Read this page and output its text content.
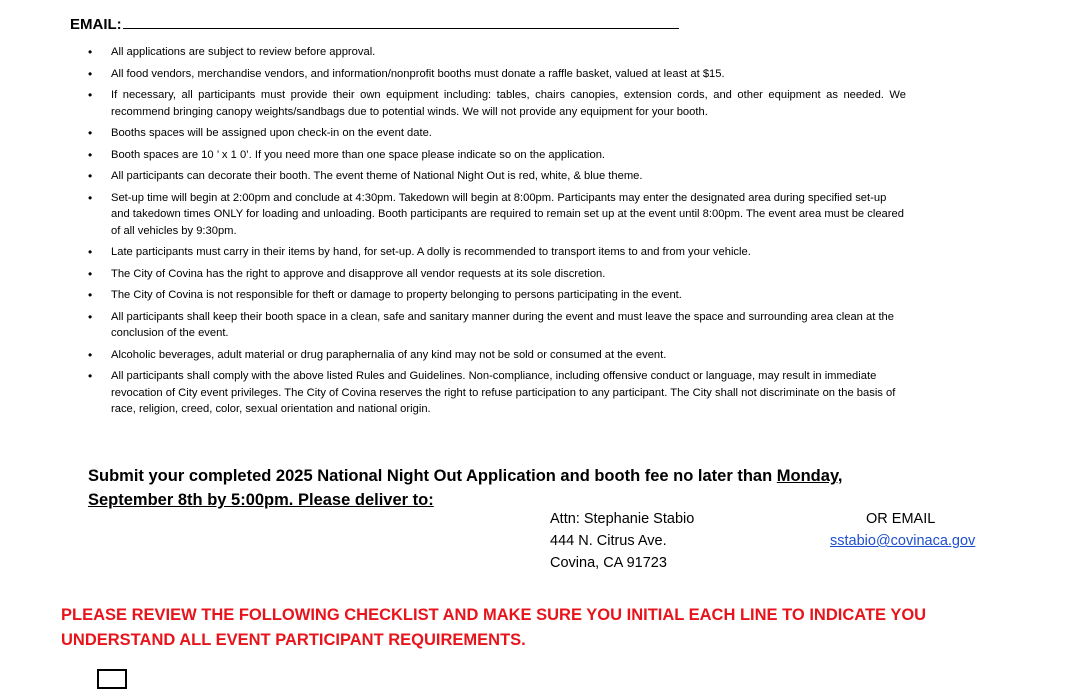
EMAIL:
• All applications are subject to review before approval.
• All food vendors, merchandise vendors, and information/nonprofit booths must donate a raffle basket, valued at least at $15.
• If necessary, all participants must provide their own equipment including: tables, chairs canopies, extension cords, and other equipment as needed. We recommend bringing canopy weights/sandbags due to potential winds. We will not provide any equipment for your booth.
• Booths spaces will be assigned upon check-in on the event date.
• Booth spaces are 10 ’ x 1 0’. If you need more than one space please indicate so on the application.
• All participants can decorate their booth. The event theme of National Night Out is red, white, & blue theme.
• Set-up time will begin at 2:00pm and conclude at 4:30pm. Takedown will begin at 8:00pm. Participants may enter the designated area during specified set-up and takedown times ONLY for loading and unloading. Booth participants are required to remain set up at the event until 8:00pm. The event area must be cleared of all vehicles by 9:30pm.
• Late participants must carry in their items by hand, for set-up. A dolly is recommended to transport items to and from your vehicle.
• The City of Covina has the right to approve and disapprove all vendor requests at its sole discretion.
• The City of Covina is not responsible for theft or damage to property belonging to persons participating in the event.
• All participants shall keep their booth space in a clean, safe and sanitary manner during the event and must leave the space and surrounding area clean at the conclusion of the event.
• Alcoholic beverages, adult material or drug paraphernalia of any kind may not be sold or consumed at the event.
• All participants shall comply with the above listed Rules and Guidelines. Non-compliance, including offensive conduct or language, may result in immediate revocation of City event privileges. The City of Covina reserves the right to refuse participation to any participant. The City shall not discriminate on the basis of race, religion, creed, color, sexual orientation and national origin.
Submit your completed 2025 National Night Out Application and booth fee no later than Monday,
September 8th by 5:00pm. Please deliver to:
Attn: Stephanie Stabio
444 N. Citrus Ave.
Covina, CA 91723
OR EMAIL
sstabio@covinaca.gov
PLEASE REVIEW THE FOLLOWING CHECKLIST AND MAKE SURE YOU INITIAL EACH LINE TO INDICATE YOU UNDERSTAND ALL EVENT PARTICIPANT REQUIREMENTS.
